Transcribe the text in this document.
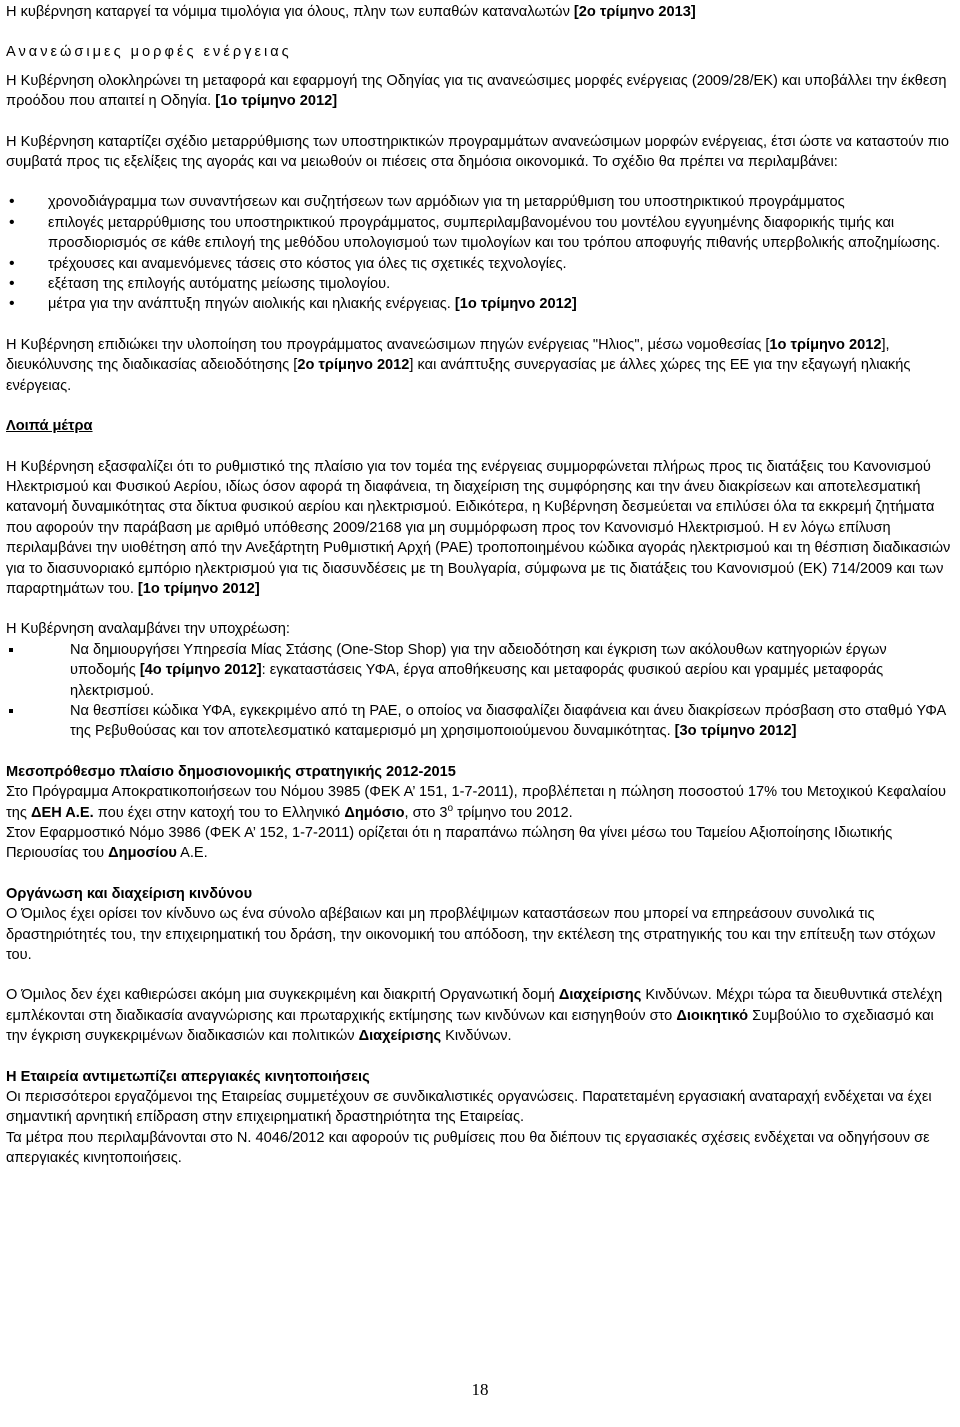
Η κυβέρνηση καταργεί τα νόμιμα τιμολόγια για όλους, πλην των ευπαθών καταναλωτών [2ο τρίμηνο 2013]

Ανανεώσιμες μορφές ενέργειας

Η Κυβέρνηση ολοκληρώνει τη μεταφορά και εφαρμογή της Οδηγίας για τις ανανεώσιμες μορφές ενέργειας (2009/28/ΕΚ) και υποβάλλει την έκθεση προόδου που απαιτεί η Οδηγία. [1ο τρίμηνο 2012]

Η Κυβέρνηση καταρτίζει σχέδιο μεταρρύθμισης των υποστηρικτικών προγραμμάτων ανανεώσιμων μορφών ενέργειας, έτσι ώστε να καταστούν πιο συμβατά προς τις εξελίξεις της αγοράς και να μειωθούν οι πιέσεις στα δημόσια οικονομικά. Το σχέδιο θα πρέπει να περιλαμβάνει:

• χρονοδιάγραμμα των συναντήσεων και συζητήσεων των αρμόδιων για τη μεταρρύθμιση του υποστηρικτικού προγράμματος
• επιλογές μεταρρύθμισης του υποστηρικτικού προγράμματος, συμπεριλαμβανομένου του μοντέλου εγγυημένης διαφορικής τιμής και προσδιορισμός σε κάθε επιλογή της μεθόδου υπολογισμού των τιμολογίων και του τρόπου αποφυγής πιθανής υπερβολικής αποζημίωσης.
• τρέχουσες και αναμενόμενες τάσεις στο κόστος για όλες τις σχετικές τεχνολογίες.
• εξέταση της επιλογής αυτόματης μείωσης τιμολογίου.
• μέτρα για την ανάπτυξη πηγών αιολικής και ηλιακής ενέργειας. [1ο τρίμηνο 2012]

Η Κυβέρνηση επιδιώκει την υλοποίηση του προγράμματος ανανεώσιμων πηγών ενέργειας "Ηλιος", μέσω νομοθεσίας [1ο τρίμηνο 2012], διευκόλυνσης της διαδικασίας αδειοδότησης [2ο τρίμηνο 2012] και ανάπτυξης συνεργασίας με άλλες χώρες της ΕΕ για την εξαγωγή ηλιακής ενέργειας.

Λοιπά μέτρα

Η Κυβέρνηση εξασφαλίζει ότι το ρυθμιστικό της πλαίσιο για τον τομέα της ενέργειας συμμορφώνεται πλήρως προς τις διατάξεις του Κανονισμού Ηλεκτρισμού και Φυσικού Αερίου, ιδίως όσον αφορά τη διαφάνεια, τη διαχείριση της συμφόρησης και την άνευ διακρίσεων και αποτελεσματική κατανομή δυναμικότητας στα δίκτυα φυσικού αερίου και ηλεκτρισμού. Ειδικότερα, η Κυβέρνηση δεσμεύεται να επιλύσει όλα τα εκκρεμή ζητήματα που αφορούν την παράβαση με αριθμό υπόθεσης 2009/2168 για μη συμμόρφωση προς τον Κανονισμό Ηλεκτρισμού. Η εν λόγω επίλυση περιλαμβάνει την υιοθέτηση από την Ανεξάρτητη Ρυθμιστική Αρχή (ΡΑΕ) τροποποιημένου κώδικα αγοράς ηλεκτρισμού και τη θέσπιση διαδικασιών για το διασυνοριακό εμπόριο ηλεκτρισμού για τις διασυνδέσεις με τη Βουλγαρία, σύμφωνα με τις διατάξεις του Κανονισμού (ΕΚ) 714/2009 και των παραρτημάτων του. [1ο τρίμηνο 2012]

Η Κυβέρνηση αναλαμβάνει την υποχρέωση:

Να δημιουργήσει Υπηρεσία Μίας Στάσης (One-Stop Shop) για την αδειοδότηση και έγκριση των ακόλουθων κατηγοριών έργων υποδομής [4ο τρίμηνο 2012]: εγκαταστάσεις ΥΦΑ, έργα αποθήκευσης και μεταφοράς φυσικού αερίου και γραμμές μεταφοράς ηλεκτρισμού.
Να θεσπίσει κώδικα ΥΦΑ, εγκεκριμένο από τη ΡΑΕ, ο οποίος να διασφαλίζει διαφάνεια και άνευ διακρίσεων πρόσβαση στο σταθμό ΥΦΑ της Ρεβυθούσας και τον αποτελεσματικό καταμερισμό μη χρησιμοποιούμενου δυναμικότητας. [3ο τρίμηνο 2012]

Μεσοπρόθεσμο πλαίσιο δημοσιονομικής στρατηγικής 2012-2015

Στο Πρόγραμμα Αποκρατικοποιήσεων του Νόμου 3985 (ΦΕΚ Α’ 151, 1-7-2011), προβλέπεται η πώληση ποσοστού 17% του Μετοχικού Κεφαλαίου της ΔΕΗ Α.Ε. που έχει στην κατοχή του το Ελληνικό Δημόσιο, στο $3^o$ τρίμηνο του 2012.

Στον Εφαρμοστικό Νόμο 3986 (ΦΕΚ Α’ 152, 1-7-2011) ορίζεται ότι η παραπάνω πώληση θα γίνει μέσω του Ταμείου Αξιοποίησης Ιδιωτικής Περιουσίας του Δημοσίου Α.Ε.

Οργάνωση και διαχείριση κινδύνου

Ο Όμιλος έχει ορίσει τον κίνδυνο ως ένα σύνολο αβέβαιων και μη προβλέψιμων καταστάσεων που μπορεί να επηρεάσουν συνολικά τις δραστηριότητές του, την επιχειρηματική του δράση, την οικονομική του απόδοση, την εκτέλεση της στρατηγικής του και την επίτευξη των στόχων του.

Ο Όμιλος δεν έχει καθιερώσει ακόμη μια συγκεκριμένη και διακριτή Οργανωτική δομή Διαχείρισης Κινδύνων. Μέχρι τώρα τα διευθυντικά στελέχη εμπλέκονται στη διαδικασία αναγνώρισης και πρωταρχικής εκτίμησης των κινδύνων και εισηγηθούν στο Διοικητικό Συμβούλιο το σχεδιασμό και την έγκριση συγκεκριμένων διαδικασιών και πολιτικών Διαχείρισης Κινδύνων.

Η Εταιρεία αντιμετωπίζει απεργιακές κινητοποιήσεις

Οι περισσότεροι εργαζόμενοι της Εταιρείας συμμετέχουν σε συνδικαλιστικές οργανώσεις. Παρατεταμένη εργασιακή αναταραχή ενδέχεται να έχει σημαντική αρνητική επίδραση στην επιχειρηματική δραστηριότητα της Εταιρείας.

Τα μέτρα που περιλαμβάνονται στο Ν. 4046/2012 και αφορούν τις ρυθμίσεις που θα διέπουν τις εργασιακές σχέσεις ενδέχεται να οδηγήσουν σε απεργιακές κινητοποιήσεις.

18
